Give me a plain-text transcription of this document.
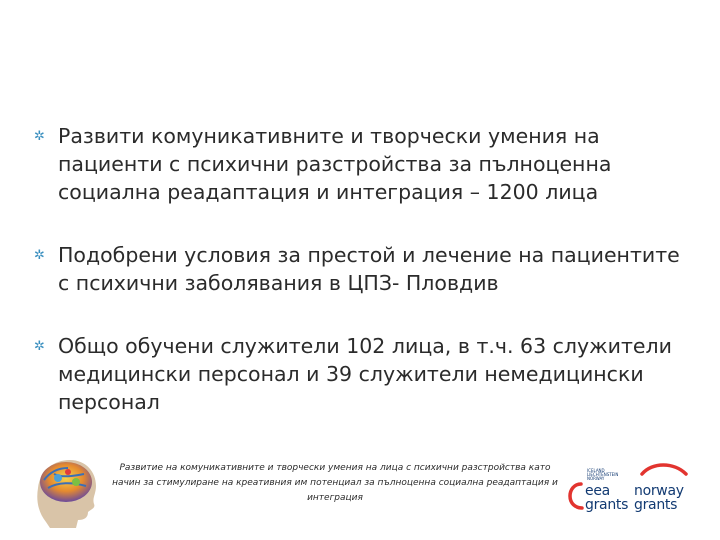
✲ Развити комуникативните и творчески умения на пациенти с психични разстройства за пълноценна социална реадаптация и интеграция – 1200 лица
✲ Подобрени условия за престой и лечение на пациентите с психични заболявания в ЦПЗ- Пловдив
✲ Общо обучени служители 102 лица, в т.ч. 63 служители медицински персонал и 39 служители немедицински персонал
Развитие на комуникативните и творчески умения на лица с психични разстройства като начин за стимулиране на креативния им потенциал за пълноценна социална реадаптация и интеграция
ICELAND LIECHTENSTEIN NORWAY
eea
grants
norway
grants
